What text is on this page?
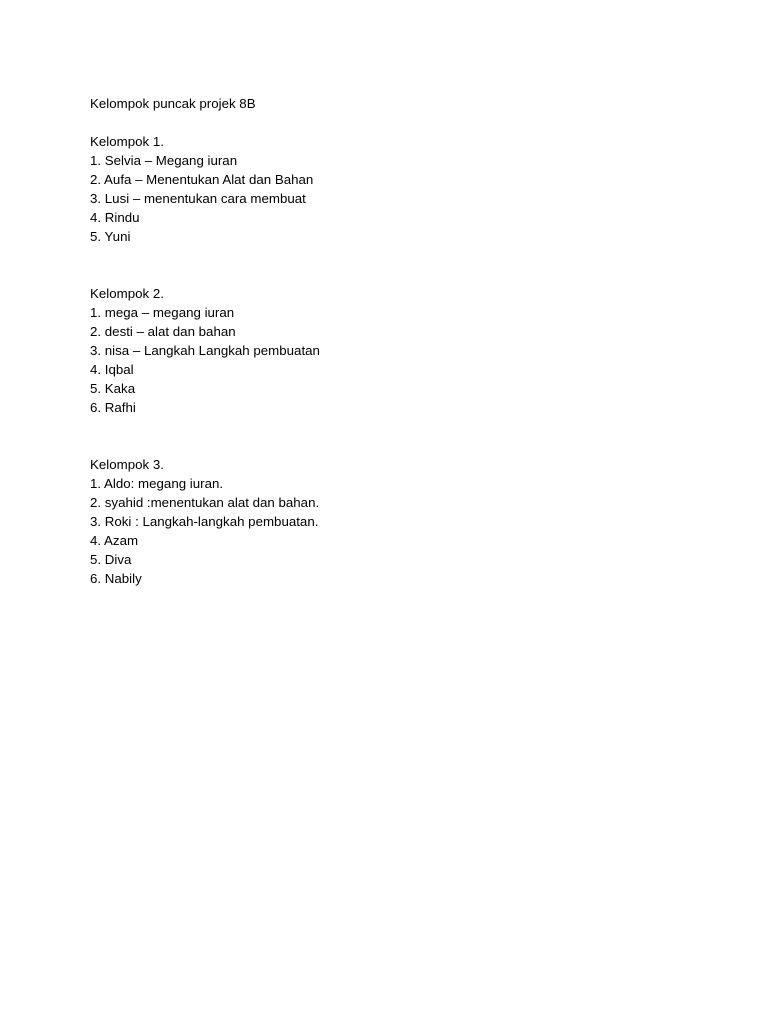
Kelompok puncak projek 8B
Kelompok 1.
1. Selvia – Megang iuran
2. Aufa – Menentukan Alat dan Bahan
3. Lusi – menentukan cara membuat
4. Rindu
5. Yuni
Kelompok 2.
1. mega – megang iuran
2. desti – alat dan bahan
3. nisa – Langkah Langkah pembuatan
4. Iqbal
5. Kaka
6. Rafhi
Kelompok 3.
1. Aldo: megang iuran.
2. syahid :menentukan alat dan bahan.
3. Roki : Langkah-langkah pembuatan.
4. Azam
5. Diva
6. Nabily
